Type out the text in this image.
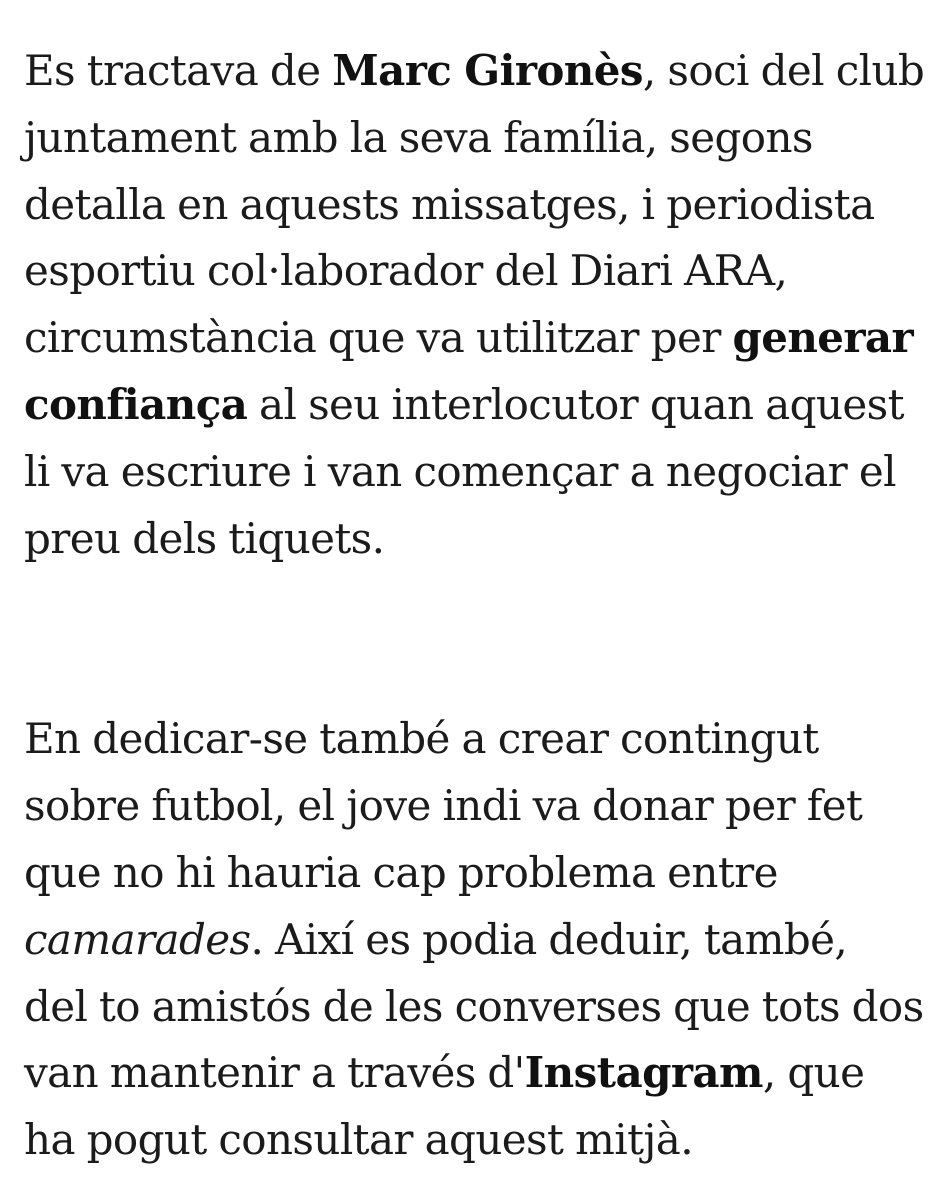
Es tractava de Marc Gironès, soci del club
juntament amb la seva família, segons
detalla en aquests missatges, i periodista
esportiu col·laborador del Diari ARA,
circumstància que va utilitzar per generar
confiança al seu interlocutor quan aquest
li va escriure i van començar a negociar el
preu dels tiquets.

En dedicar-se també a crear contingut
sobre futbol, el jove indi va donar per fet
que no hi hauria cap problema entre
camarades. Així es podia deduir, també,
del to amistós de les converses que tots dos
van mantenir a través d'Instagram, que
ha pogut consultar aquest mitjà.
